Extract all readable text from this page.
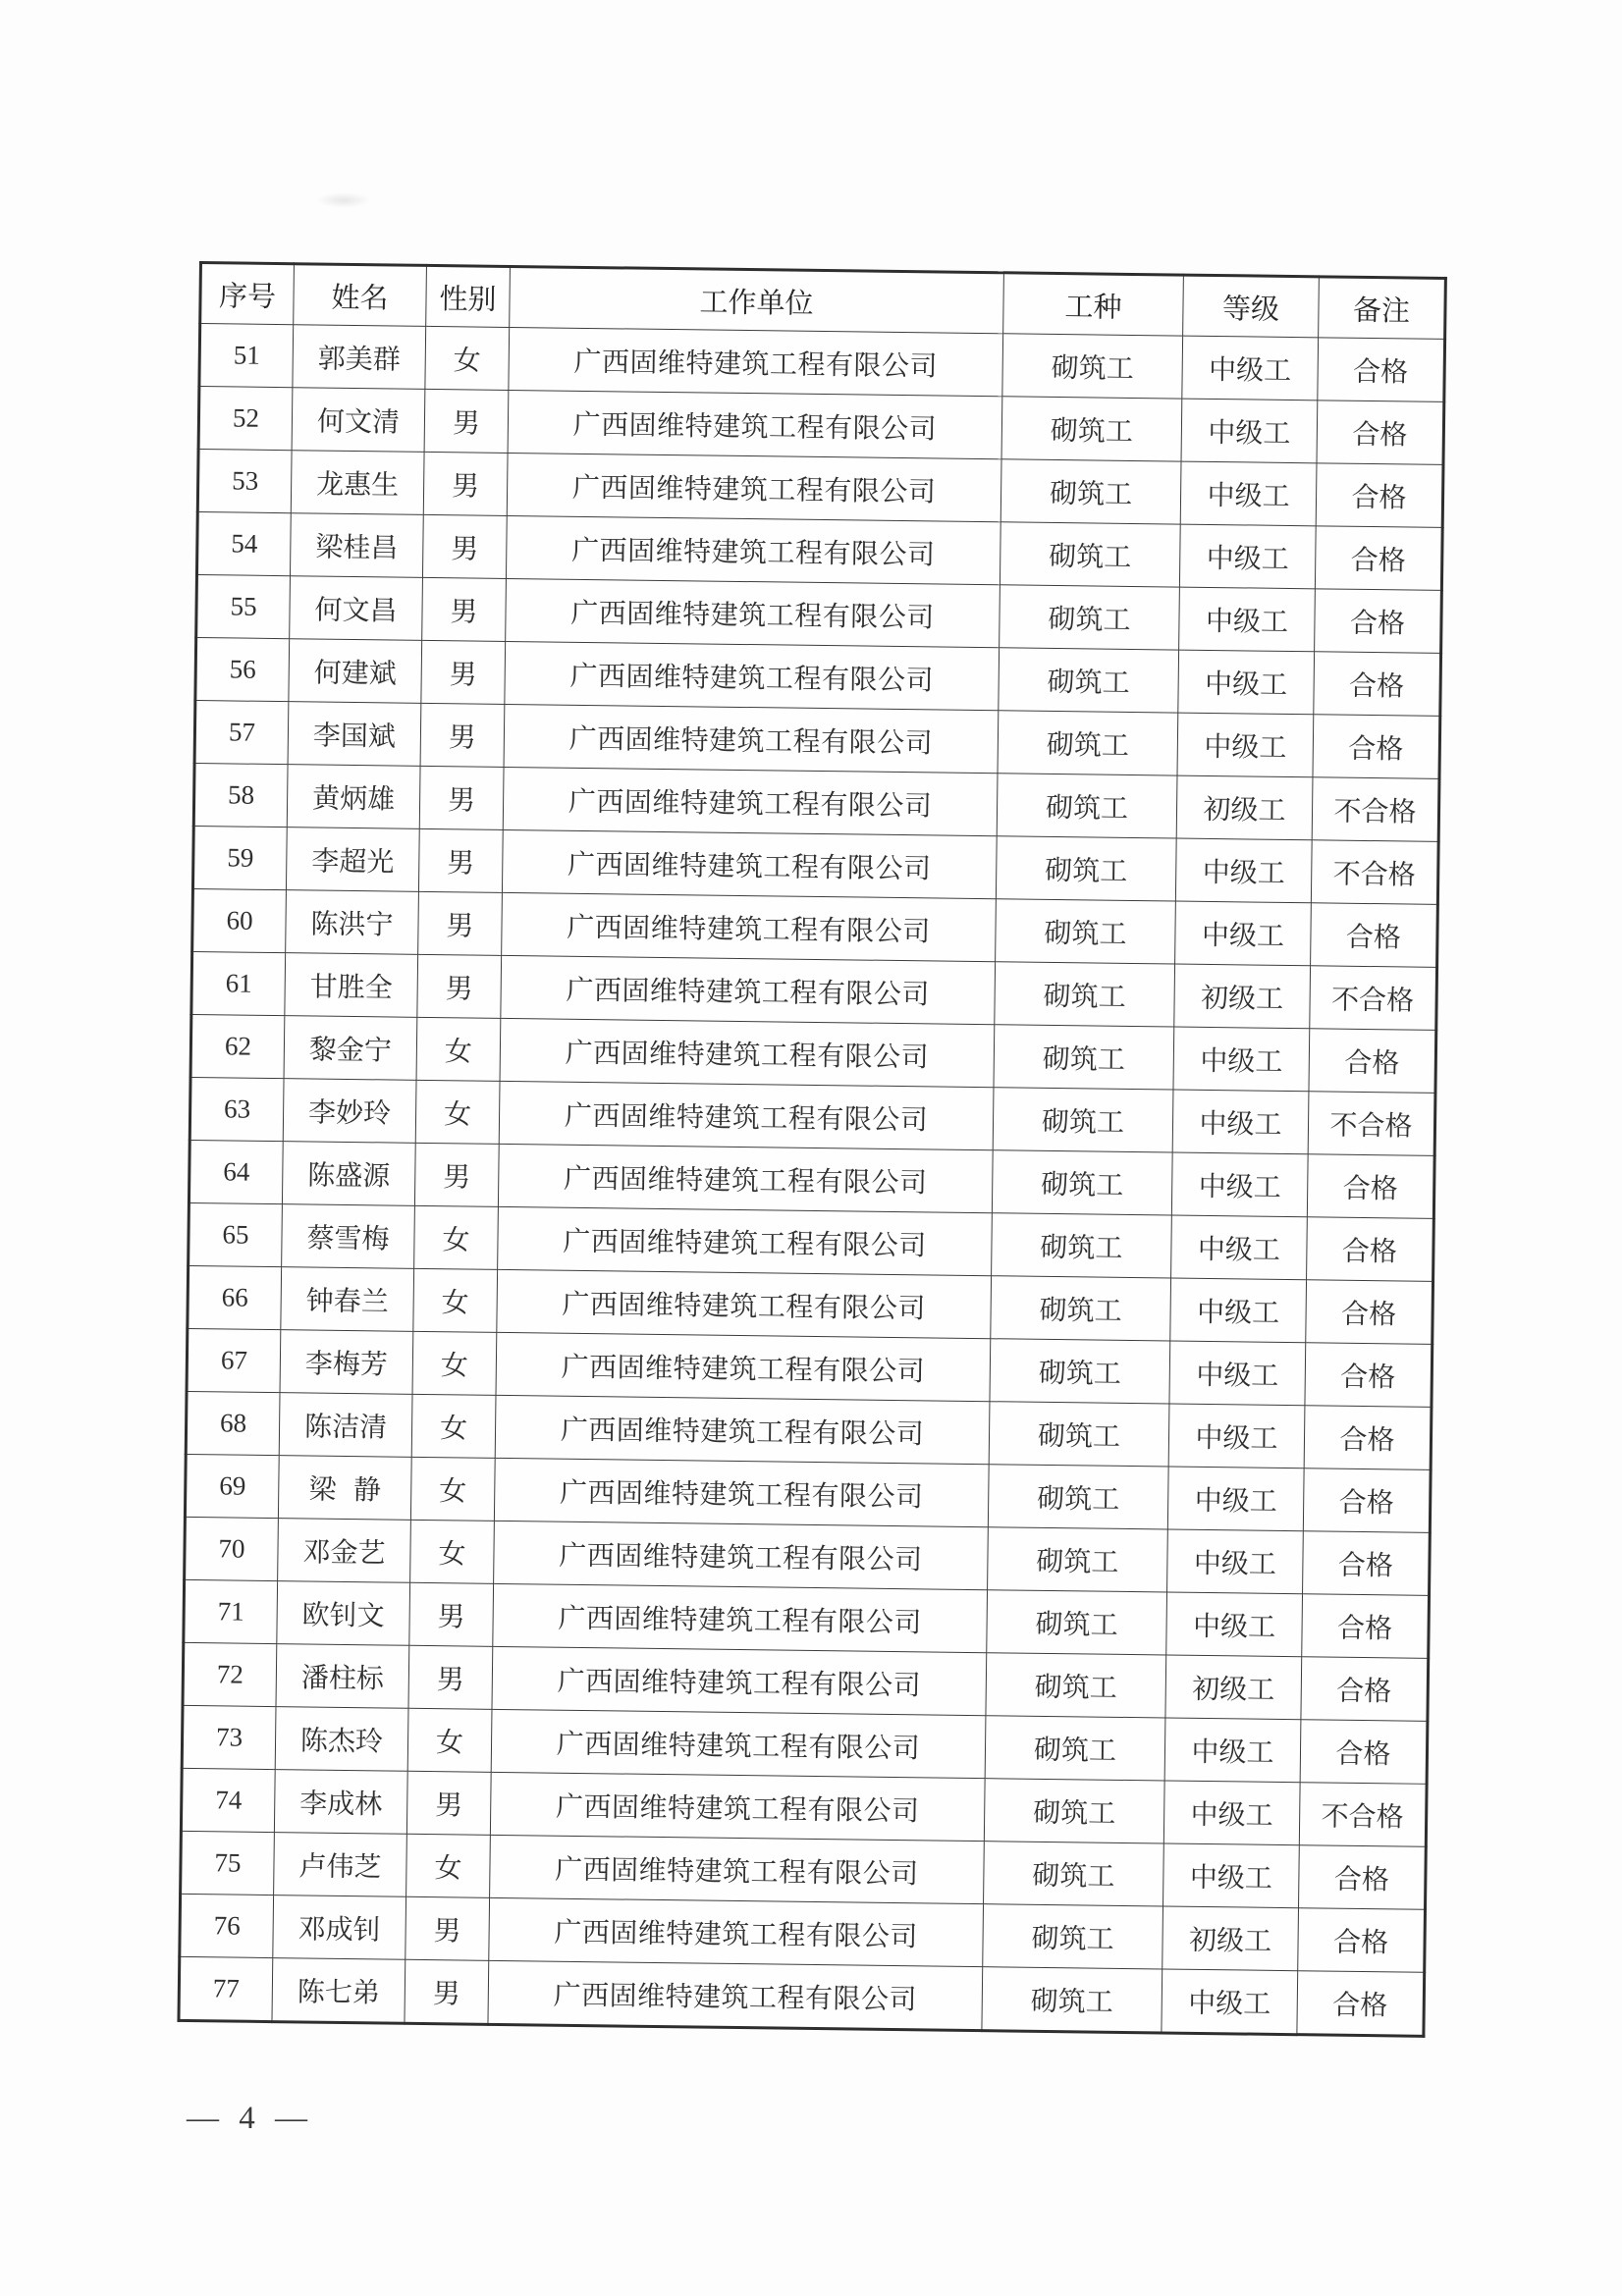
序号	姓名	性别	工作单位	工种	等级	备注
51	郭美群	女	广西固维特建筑工程有限公司	砌筑工	中级工	合格
52	何文清	男	广西固维特建筑工程有限公司	砌筑工	中级工	合格
53	龙惠生	男	广西固维特建筑工程有限公司	砌筑工	中级工	合格
54	梁桂昌	男	广西固维特建筑工程有限公司	砌筑工	中级工	合格
55	何文昌	男	广西固维特建筑工程有限公司	砌筑工	中级工	合格
56	何建斌	男	广西固维特建筑工程有限公司	砌筑工	中级工	合格
57	李国斌	男	广西固维特建筑工程有限公司	砌筑工	中级工	合格
58	黄炳雄	男	广西固维特建筑工程有限公司	砌筑工	初级工	不合格
59	李超光	男	广西固维特建筑工程有限公司	砌筑工	中级工	不合格
60	陈洪宁	男	广西固维特建筑工程有限公司	砌筑工	中级工	合格
61	甘胜全	男	广西固维特建筑工程有限公司	砌筑工	初级工	不合格
62	黎金宁	女	广西固维特建筑工程有限公司	砌筑工	中级工	合格
63	李妙玲	女	广西固维特建筑工程有限公司	砌筑工	中级工	不合格
64	陈盛源	男	广西固维特建筑工程有限公司	砌筑工	中级工	合格
65	蔡雪梅	女	广西固维特建筑工程有限公司	砌筑工	中级工	合格
66	钟春兰	女	广西固维特建筑工程有限公司	砌筑工	中级工	合格
67	李梅芳	女	广西固维特建筑工程有限公司	砌筑工	中级工	合格
68	陈洁清	女	广西固维特建筑工程有限公司	砌筑工	中级工	合格
69	梁静	女	广西固维特建筑工程有限公司	砌筑工	中级工	合格
70	邓金艺	女	广西固维特建筑工程有限公司	砌筑工	中级工	合格
71	欧钊文	男	广西固维特建筑工程有限公司	砌筑工	中级工	合格
72	潘柱标	男	广西固维特建筑工程有限公司	砌筑工	初级工	合格
73	陈杰玲	女	广西固维特建筑工程有限公司	砌筑工	中级工	合格
74	李成林	男	广西固维特建筑工程有限公司	砌筑工	中级工	不合格
75	卢伟芝	女	广西固维特建筑工程有限公司	砌筑工	中级工	合格
76	邓成钊	男	广西固维特建筑工程有限公司	砌筑工	初级工	合格
77	陈七弟	男	广西固维特建筑工程有限公司	砌筑工	中级工	合格
— 4 —
